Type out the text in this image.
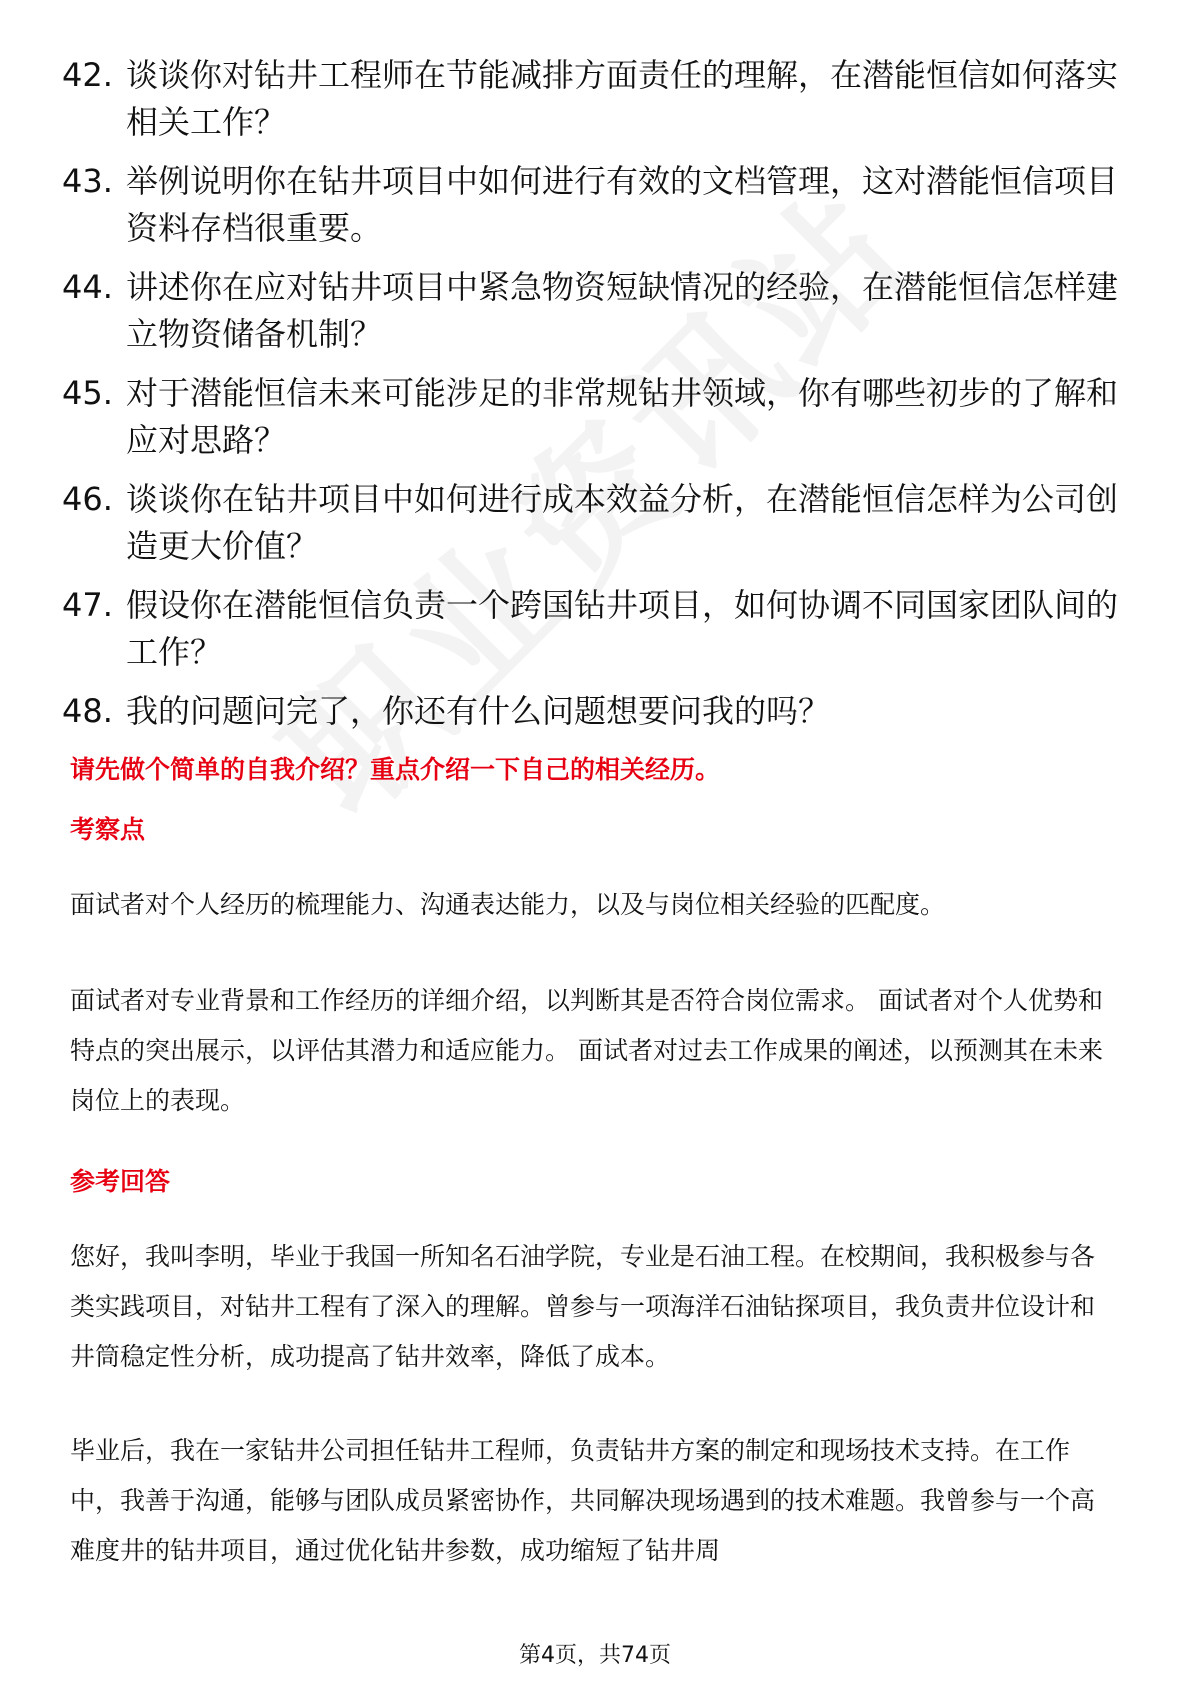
42. 谈谈你对钻井工程师在节能减排方面责任的理解，在潜能恒信如何落实相关工作？
43. 举例说明你在钻井项目中如何进行有效的文档管理，这对潜能恒信项目资料存档很重要。
44. 讲述你在应对钻井项目中紧急物资短缺情况的经验，在潜能恒信怎样建立物资储备机制？
45. 对于潜能恒信未来可能涉足的非常规钻井领域，你有哪些初步的了解和应对思路？
46. 谈谈你在钻井项目中如何进行成本效益分析，在潜能恒信怎样为公司创造更大价值？
47. 假设你在潜能恒信负责一个跨国钻井项目，如何协调不同国家团队间的工作？
48. 我的问题问完了，你还有什么问题想要问我的吗？
请先做个简单的自我介绍？重点介绍一下自己的相关经历。
考察点

面试者对个人经历的梳理能力、沟通表达能力，以及与岗位相关经验的匹配度。

面试者对专业背景和工作经历的详细介绍，以判断其是否符合岗位需求。 面试者对个人优势和特点的突出展示，以评估其潜力和适应能力。 面试者对过去工作成果的阐述，以预测其在未来岗位上的表现。

参考回答

您好，我叫李明，毕业于我国一所知名石油学院，专业是石油工程。在校期间，我积极参与各类实践项目，对钻井工程有了深入的理解。曾参与一项海洋石油钻探项目，我负责井位设计和井筒稳定性分析，成功提高了钻井效率，降低了成本。

毕业后，我在一家钻井公司担任钻井工程师，负责钻井方案的制定和现场技术支持。在工作中，我善于沟通，能够与团队成员紧密协作，共同解决现场遇到的技术难题。我曾参与一个高难度井的钻井项目，通过优化钻井参数，成功缩短了钻井周

第4页，共74页
